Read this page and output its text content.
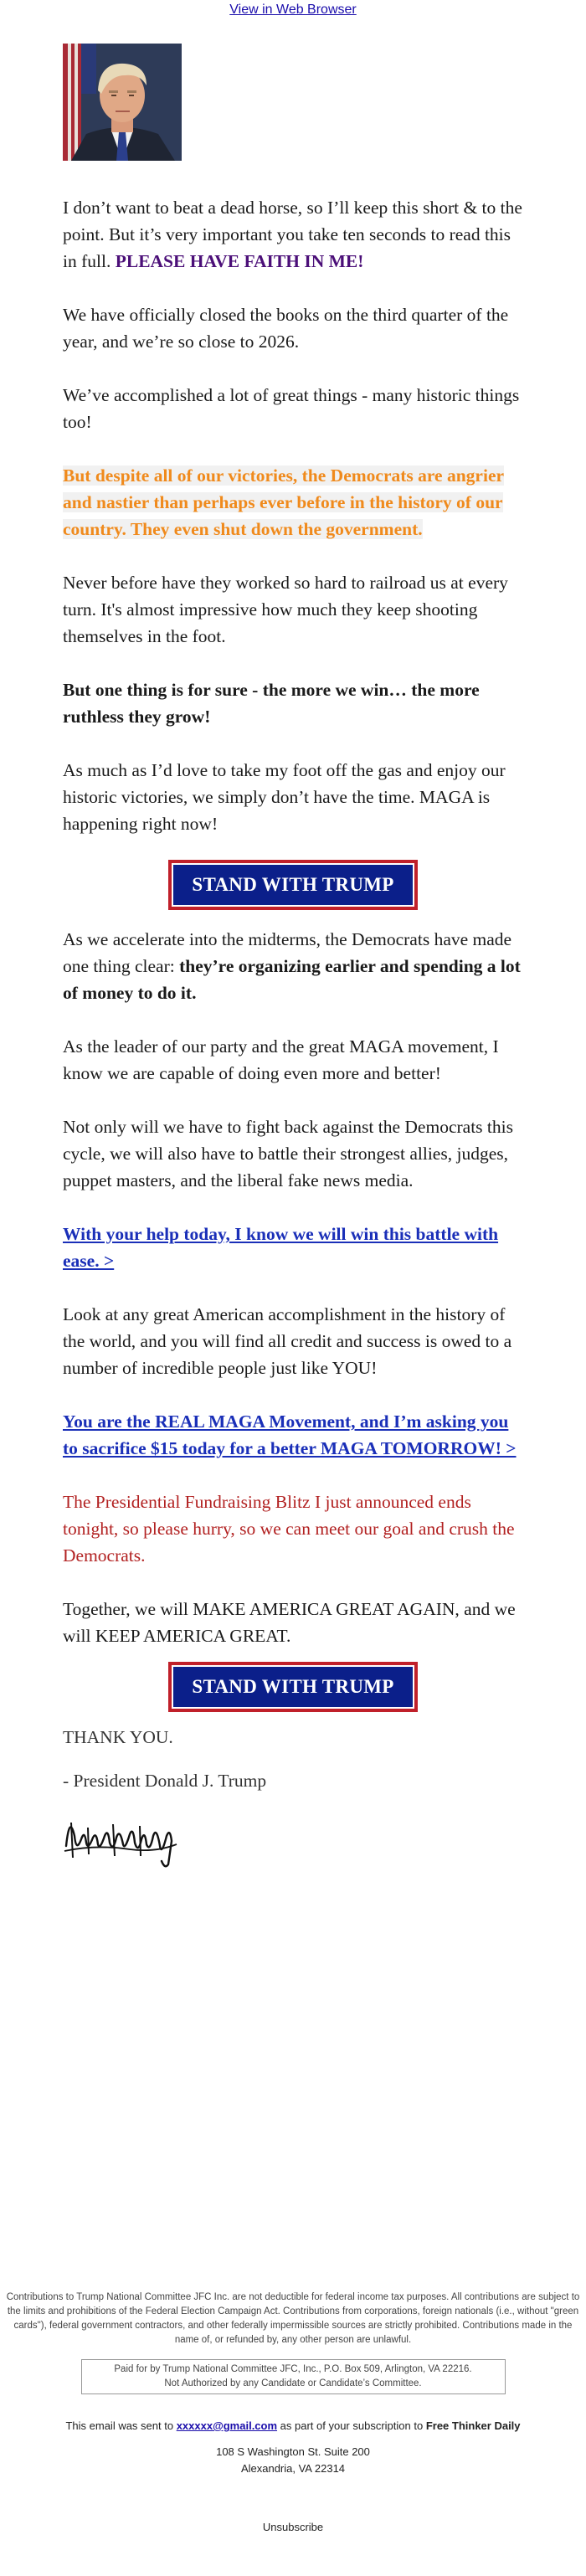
View in Web Browser

I don’t want to beat a dead horse, so I’ll keep this short & to the point. But it’s very important you take ten seconds to read this in full. PLEASE HAVE FAITH IN ME!

We have officially closed the books on the third quarter of the year, and we’re so close to 2026.

We’ve accomplished a lot of great things - many historic things too!

But despite all of our victories, the Democrats are angrier and nastier than perhaps ever before in the history of our country. They even shut down the government.

Never before have they worked so hard to railroad us at every turn. It's almost impressive how much they keep shooting themselves in the foot.

But one thing is for sure - the more we win… the more ruthless they grow!

As much as I’d love to take my foot off the gas and enjoy our historic victories, we simply don’t have the time. MAGA is happening right now!

STAND WITH TRUMP

As we accelerate into the midterms, the Democrats have made one thing clear: they’re organizing earlier and spending a lot of money to do it.

As the leader of our party and the great MAGA movement, I know we are capable of doing even more and better!

Not only will we have to fight back against the Democrats this cycle, we will also have to battle their strongest allies, judges, puppet masters, and the liberal fake news media.

With your help today, I know we will win this battle with ease. >

Look at any great American accomplishment in the history of the world, and you will find all credit and success is owed to a number of incredible people just like YOU!

You are the REAL MAGA Movement, and I’m asking you to sacrifice $15 today for a better MAGA TOMORROW! >

The Presidential Fundraising Blitz I just announced ends tonight, so please hurry, so we can meet our goal and crush the Democrats.

Together, we will MAKE AMERICA GREAT AGAIN, and we will KEEP AMERICA GREAT.

STAND WITH TRUMP

THANK YOU.

- President Donald J. Trump

Contributions to Trump National Committee JFC Inc. are not deductible for federal income tax purposes. All contributions are subject to the limits and prohibitions of the Federal Election Campaign Act. Contributions from corporations, foreign nationals (i.e., without "green cards"), federal government contractors, and other federally impermissible sources are strictly prohibited. Contributions made in the name of, or refunded by, any other person are unlawful.
Paid for by Trump National Committee JFC, Inc., P.O. Box 509, Arlington, VA 22216.
Not Authorized by any Candidate or Candidate’s Committee.
This email was sent to xxxxxx@gmail.com as part of your subscription to Free Thinker Daily
108 S Washington St. Suite 200
Alexandria, VA 22314
Unsubscribe
